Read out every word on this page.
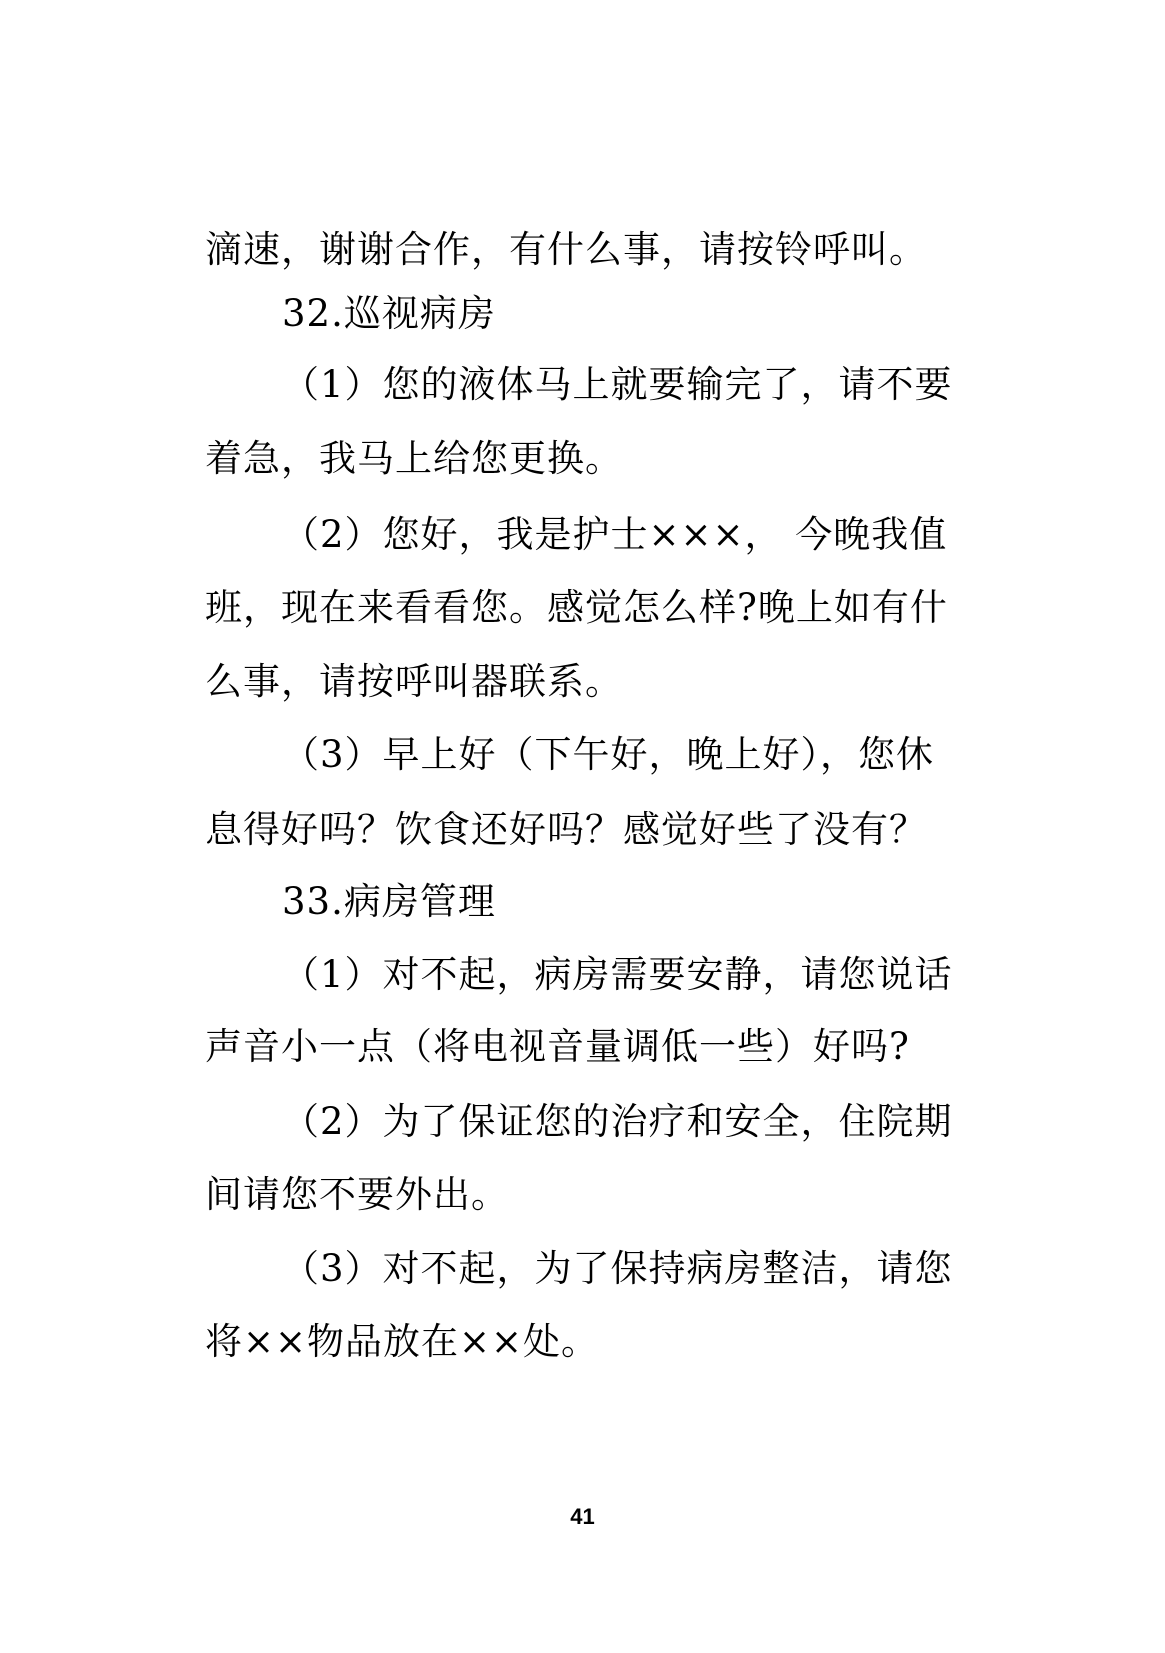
滴速，谢谢合作，有什么事，请按铃呼叫。
32.巡视病房
（1）您的液体马上就要输完了，请不要
着急，我马上给您更换。
（2）您好，我是护士×××， 今晚我值
班，现在来看看您。感觉怎么样?晚上如有什
么事，请按呼叫器联系。
（3）早上好（下午好，晚上好），您休
息得好吗？饮食还好吗？感觉好些了没有？
33.病房管理
（1）对不起，病房需要安静，请您说话
声音小一点（将电视音量调低一些）好吗?
（2）为了保证您的治疗和安全，住院期
间请您不要外出。
（3）对不起，为了保持病房整洁，请您
将××物品放在××处。
41
